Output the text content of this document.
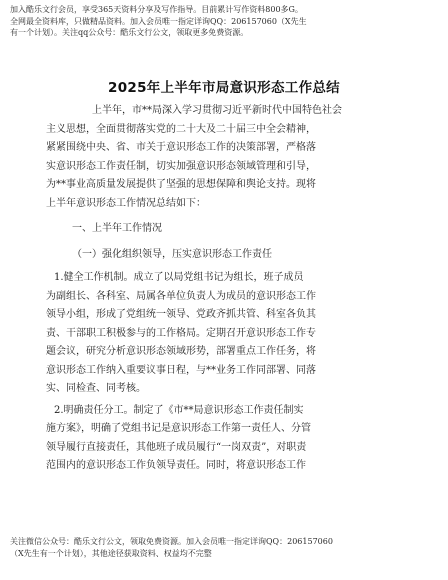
加入酷乐文行会员，享受365天资料分享及写作指导。目前累计写作资料800多G。
全网最全资料库，只做精品资料。加入会员唯一指定详询QQ：206157060（X先生
有一个计划）。关注qq公众号：酷乐文行公文，领取更多免费资源。
2025年上半年市局意识形态工作总结
上半年，市**局深入学习贯彻习近平新时代中国特色社会
主义思想，全面贯彻落实党的二十大及二十届三中全会精神，
紧紧围绕中央、省、市关于意识形态工作的决策部署，严格落
实意识形态工作责任制，切实加强意识形态领域管理和引导，
为**事业高质量发展提供了坚强的思想保障和舆论支持。现将
上半年意识形态工作情况总结如下：
一、上半年工作情况
（一）强化组织领导，压实意识形态工作责任
1.健全工作机制。成立了以局党组书记为组长，班子成员
为副组长、各科室、局属各单位负责人为成员的意识形态工作
领导小组，形成了党组统一领导、党政齐抓共管、科室各负其
责、干部职工积极参与的工作格局。定期召开意识形态工作专
题会议，研究分析意识形态领域形势，部署重点工作任务，将
意识形态工作纳入重要议事日程，与**业务工作同部署、同落
实、同检查、同考核。
2.明确责任分工。制定了《市**局意识形态工作责任制实
施方案》，明确了党组书记是意识形态工作第一责任人、分管
领导履行直接责任，其他班子成员履行“一岗双责”，对职责
范围内的意识形态工作负领导责任。同时，将意识形态工作
关注微信公众号：酷乐文行公文，领取免费资源。加入会员唯一指定详询QQ：206157060
（X先生有一个计划），其他途径获取资料、权益均不完整
